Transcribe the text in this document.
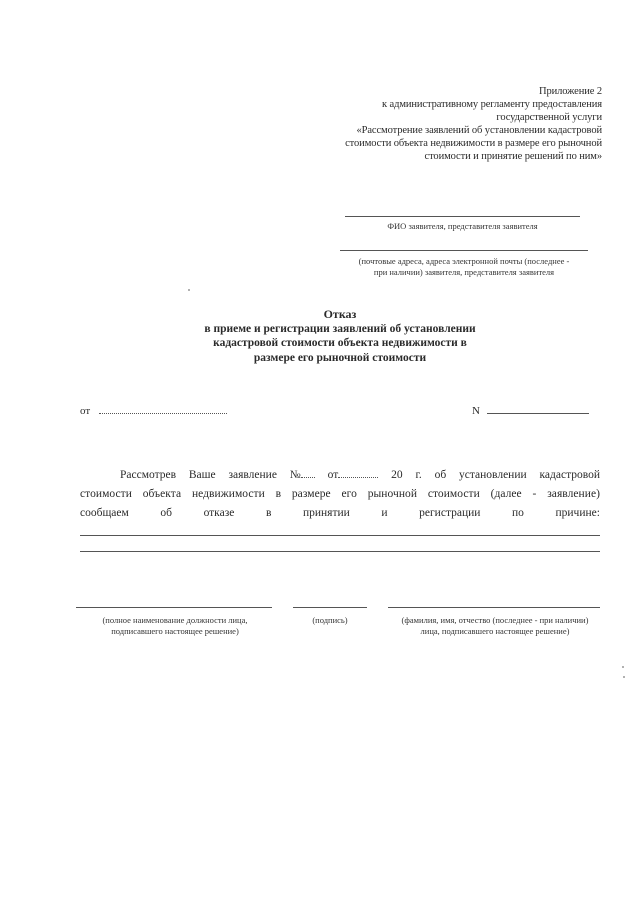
Приложение 2
к административному регламенту предоставления
государственной услуги
«Рассмотрение заявлений об установлении кадастровой
стоимости объекта недвижимости в размере его рыночной
стоимости и принятие решений по ним»
ФИО заявителя, представителя заявителя
(почтовые адреса, адреса электронной почты (последнее -
при наличии) заявителя, представителя заявителя
Отказ
в приеме и регистрации заявлений об установлении
кадастровой стоимости объекта недвижимости в
размере его рыночной стоимости
от	N
Рассмотрев Ваше заявление №	от	20 г. об установлении кадастровой
стоимости объекта недвижимости в размере его рыночной стоимости (далее - заявление)
сообщаем	об	отказе	в	принятии	и	регистрации	по	причине:
(полное наименование должности лица,
подписавшего настоящее решение)
(подпись)	(фамилия, имя, отчество (последнее - при наличии)
лица, подписавшего настоящее решение)
